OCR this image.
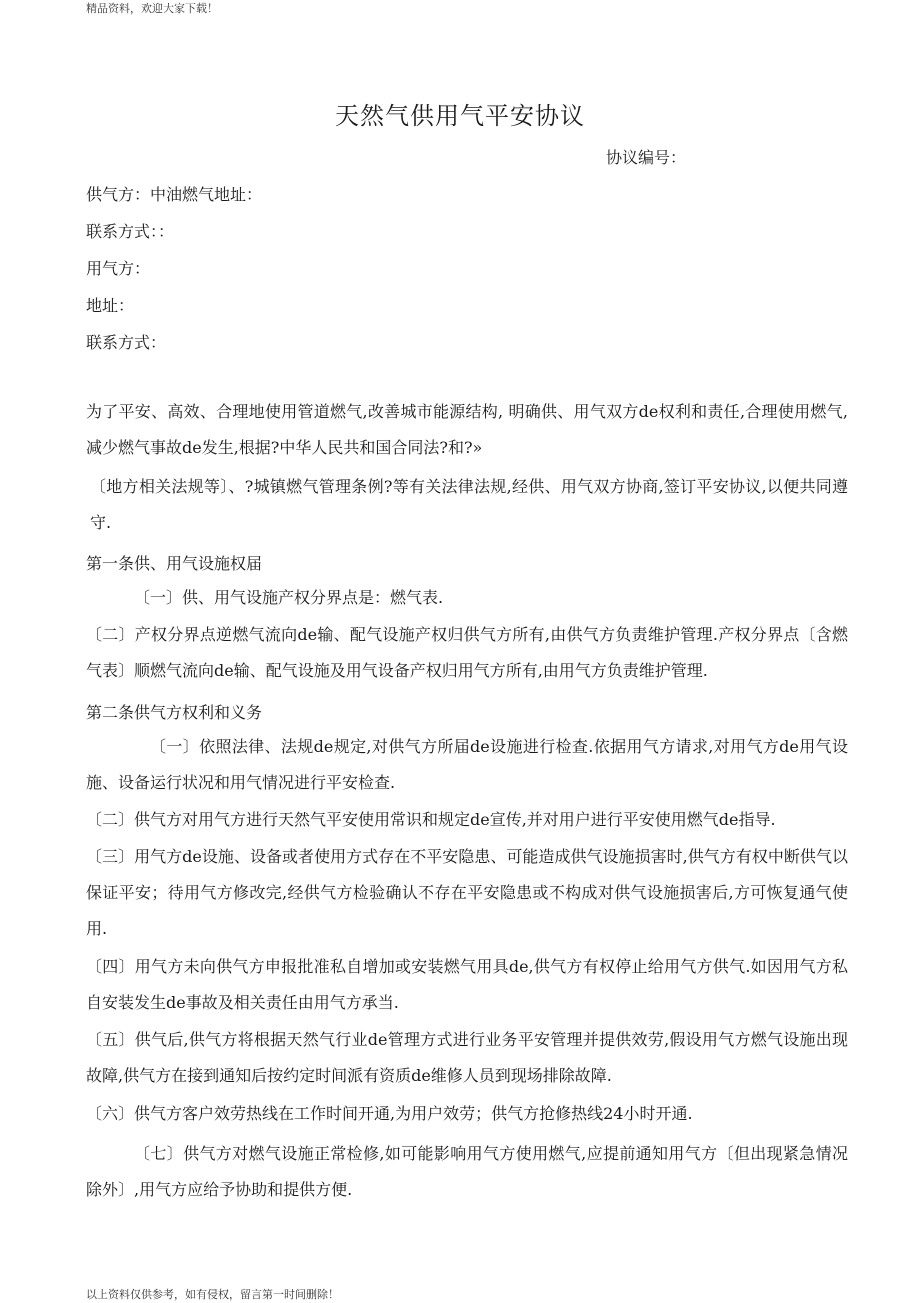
精品资料，欢迎大家下载！
天然气供用气平安协议
协议编号：
供气方：中油燃气地址：
联系方式：：
用气方：
地址：
联系方式：
为了平安、高效、合理地使用管道燃气,改善城市能源结构, 明确供、用气双方de权利和责任,合理使用燃气,减少燃气事故de发生,根据?中华人民共和国合同法?和?»
〔地方相关法规等〕、?城镇燃气管理条例?等有关法律法规,经供、用气双方协商,签订平安协议,以便共同遵守.
第一条供、用气设施权届
〔一〕供、用气设施产权分界点是：燃气表.
〔二〕产权分界点逆燃气流向de输、配气设施产权归供气方所有,由供气方负责维护管理.产权分界点〔含燃气表〕顺燃气流向de输、配气设施及用气设备产权归用气方所有,由用气方负责维护管理.
第二条供气方权利和义务
〔一〕依照法律、法规de规定,对供气方所届de设施进行检查.依据用气方请求,对用气方de用气设施、设备运行状况和用气情况进行平安检查.
〔二〕供气方对用气方进行天然气平安使用常识和规定de宣传,并对用户进行平安使用燃气de指导.
〔三〕用气方de设施、设备或者使用方式存在不平安隐患、可能造成供气设施损害时,供气方有权中断供气以保证平安；待用气方修改完,经供气方检验确认不存在平安隐患或不构成对供气设施损害后,方可恢复通气使用.
〔四〕用气方未向供气方申报批准私自增加或安装燃气用具de,供气方有权停止给用气方供气.如因用气方私自安装发生de事故及相关责任由用气方承当.
〔五〕供气后,供气方将根据天然气行业de管理方式进行业务平安管理并提供效劳,假设用气方燃气设施出现故障,供气方在接到通知后按约定时间派有资质de维修人员到现场排除故障.
〔六〕供气方客户效劳热线在工作时间开通,为用户效劳；供气方抢修热线24小时开通.
〔七〕供气方对燃气设施正常检修,如可能影响用气方使用燃气,应提前通知用气方〔但出现紧急情况除外〕,用气方应给予协助和提供方便.
以上资料仅供参考，如有侵权，留言第一时间删除！
